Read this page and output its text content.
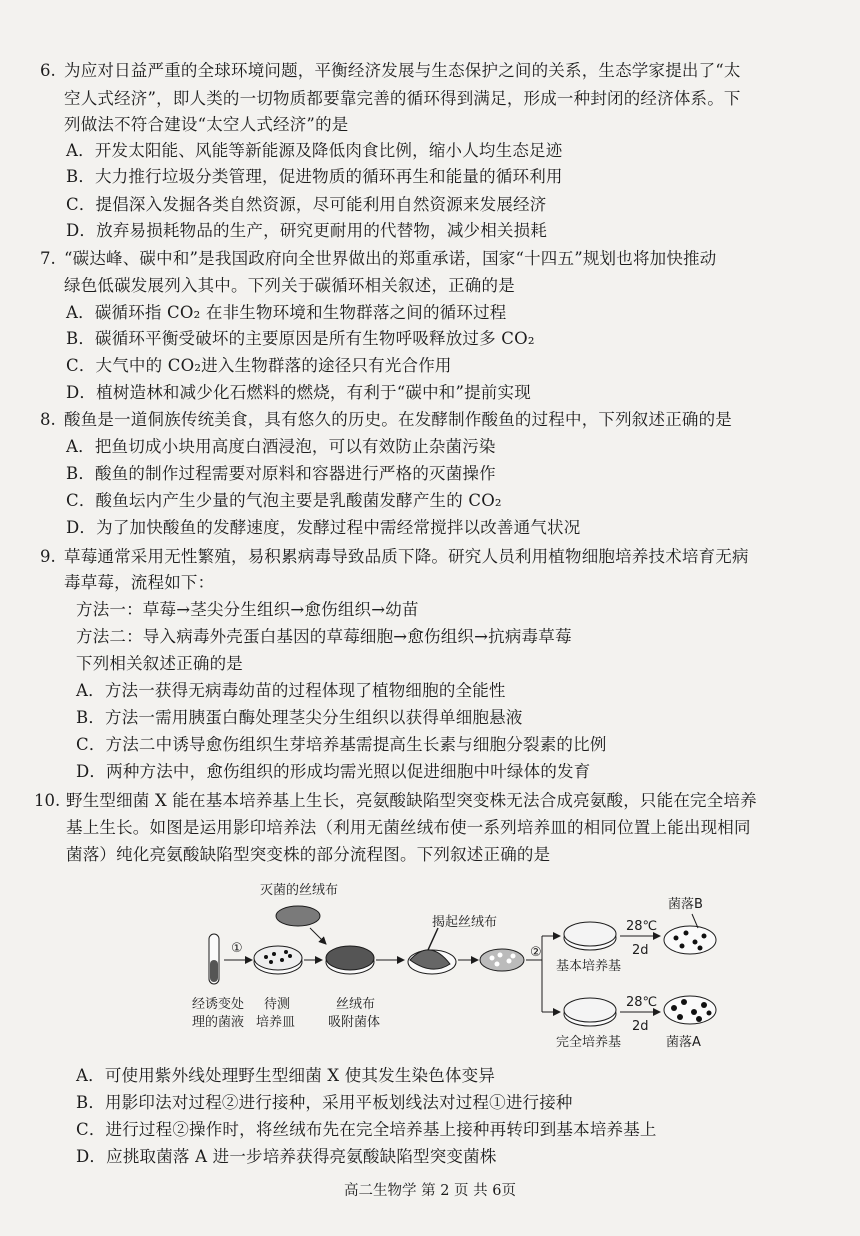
6. 为应对日益严重的全球环境问题，平衡经济发展与生态保护之间的关系，生态学家提出了“太
空人式经济”，即人类的一切物质都要靠完善的循环得到满足，形成一种封闭的经济体系。下
列做法不符合建设“太空人式经济”的是
A．开发太阳能、风能等新能源及降低肉食比例，缩小人均生态足迹
B．大力推行垃圾分类管理，促进物质的循环再生和能量的循环利用
C．提倡深入发掘各类自然资源，尽可能利用自然资源来发展经济
D．放弃易损耗物品的生产，研究更耐用的代替物，减少相关损耗
7. “碳达峰、碳中和”是我国政府向全世界做出的郑重承诺，国家“十四五”规划也将加快推动
绿色低碳发展列入其中。下列关于碳循环相关叙述，正确的是
A．碳循环指 CO₂ 在非生物环境和生物群落之间的循环过程
B．碳循环平衡受破坏的主要原因是所有生物呼吸释放过多 CO₂
C．大气中的 CO₂进入生物群落的途径只有光合作用
D．植树造林和减少化石燃料的燃烧，有利于“碳中和”提前实现
8. 酸鱼是一道侗族传统美食，具有悠久的历史。在发酵制作酸鱼的过程中，下列叙述正确的是
A．把鱼切成小块用高度白酒浸泡，可以有效防止杂菌污染
B．酸鱼的制作过程需要对原料和容器进行严格的灭菌操作
C．酸鱼坛内产生少量的气泡主要是乳酸菌发酵产生的 CO₂
D．为了加快酸鱼的发酵速度，发酵过程中需经常搅拌以改善通气状况
9. 草莓通常采用无性繁殖，易积累病毒导致品质下降。研究人员利用植物细胞培养技术培育无病
毒草莓，流程如下：
方法一：草莓→茎尖分生组织→愈伤组织→幼苗
方法二：导入病毒外壳蛋白基因的草莓细胞→愈伤组织→抗病毒草莓
下列相关叙述正确的是
A．方法一获得无病毒幼苗的过程体现了植物细胞的全能性
B．方法一需用胰蛋白酶处理茎尖分生组织以获得单细胞悬液
C．方法二中诱导愈伤组织生芽培养基需提高生长素与细胞分裂素的比例
D．两种方法中，愈伤组织的形成均需光照以促进细胞中叶绿体的发育
10. 野生型细菌 X 能在基本培养基上生长，亮氨酸缺陷型突变株无法合成亮氨酸，只能在完全培养
基上生长。如图是运用影印培养法（利用无菌丝绒布使一系列培养皿的相同位置上能出现相同
菌落）纯化亮氨酸缺陷型突变株的部分流程图。下列叙述正确的是
灭菌的丝绒布
①
揭起丝绒布
②
基本培养基
28℃
2d
菌落B
完全培养基
28℃
2d
菌落A
经诱变处
理的菌液
待测
培养皿
丝绒布
吸附菌体
A．可使用紫外线处理野生型细菌 X 使其发生染色体变异
B．用影印法对过程②进行接种，采用平板划线法对过程①进行接种
C．进行过程②操作时，将丝绒布先在完全培养基上接种再转印到基本培养基上
D．应挑取菌落 A 进一步培养获得亮氨酸缺陷型突变菌株
高二生物学 第 2 页 共 6页
